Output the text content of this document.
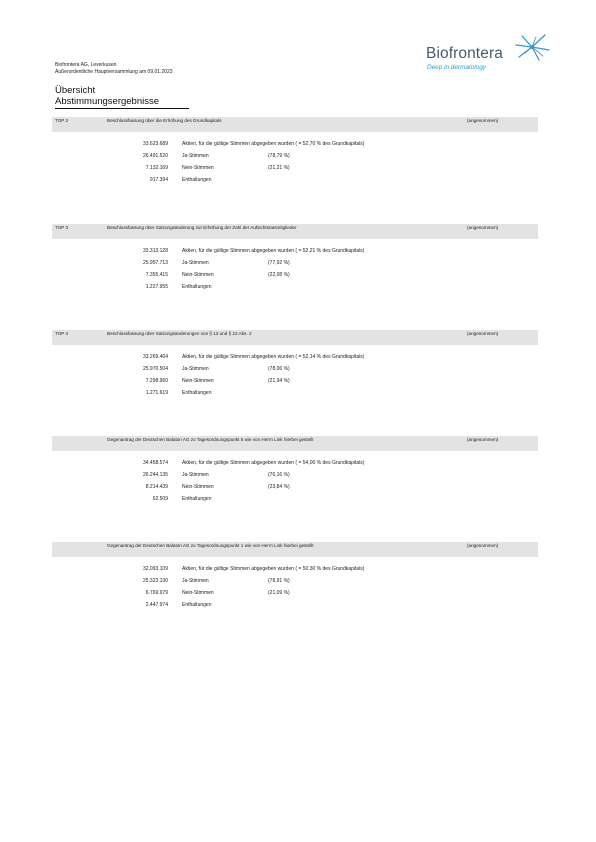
Biofrontera AG, Leverkusen
Außerordentliche Hauptversammlung am 09.01.2023
Biofrontera
Deep in dermatology
Übersicht Abstimmungsergebnisse
TOP 2	Beschlussfassung über die Erhöhung des Grundkapitals	(angenommen)
33.623.689	Aktien, für die gültige Stimmen abgegeben wurden ( = 52,70 % des Grundkapitals)
26.491.520	Ja-Stimmen	(78,79 %)
7.132.169	Nein-Stimmen	(21,21 %)
917.394	Enthaltungen
TOP 3	Beschlussfassung über Satzungsänderung zur Erhöhung der Zahl der Aufsichtsratsmitglieder	(angenommen)
33.313.128	Aktien, für die gültige Stimmen abgegeben wurden ( = 52,21 % des Grundkapitals)
25.957.713	Ja-Stimmen	(77,92 %)
7.355.415	Nein-Stimmen	(22,08 %)
1.227.955	Enthaltungen
TOP 4	Beschlussfassung über Satzungsänderungen von § 13 und § 22 Abs. 2	(angenommen)
33.269.464	Aktien, für die gültige Stimmen abgegeben wurden ( = 52,14 % des Grundkapitals)
25.970.504	Ja-Stimmen	(78,06 %)
7.298.960	Nein-Stimmen	(21,94 %)
1.271.619	Enthaltungen
Gegenantrag der Deutschen Balaton AG zu Tagesordnungspunkt 5 wie von Herrn Link hierbei gestellt	(angenommen)
34.458.574	Aktien, für die gültige Stimmen abgegeben wurden ( = 54,00 % des Grundkapitals)
26.244.135	Ja-Stimmen	(76,16 %)
8.214.439	Nein-Stimmen	(23,84 %)
62.509	Enthaltungen
Gegenantrag der Deutschen Balaton AG zu Tagesordnungspunkt 1 wie von Herrn Link hierbei gestellt	(angenommen)
32.093.109	Aktien, für die gültige Stimmen abgegeben wurden ( = 50,30 % des Grundkapitals)
25.323.130	Ja-Stimmen	(78,91 %)
6.769.979	Nein-Stimmen	(21,09 %)
2.447.974	Enthaltungen
